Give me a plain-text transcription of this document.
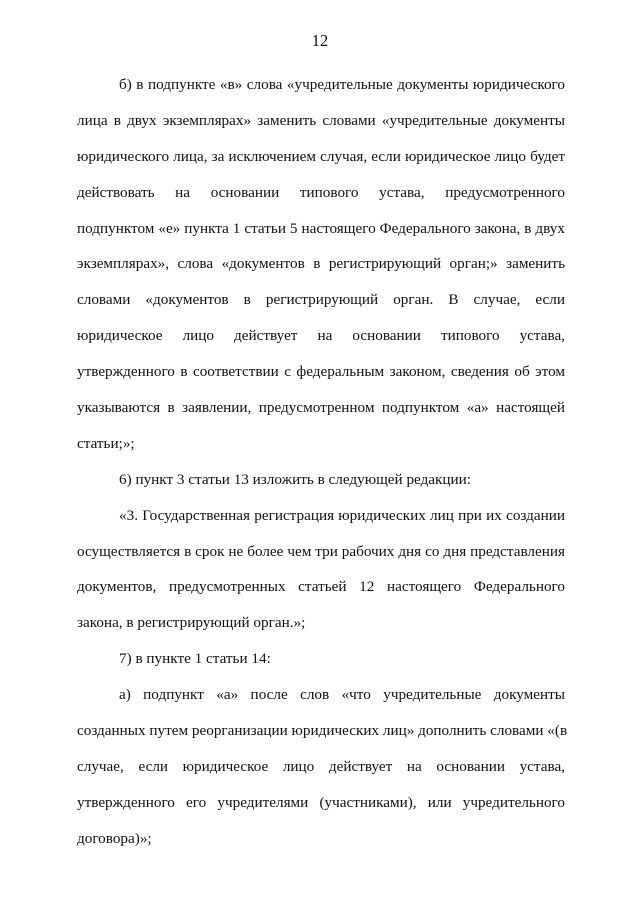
12
б) в подпункте «в» слова «учредительные документы юридического
лица в двух экземплярах» заменить словами «учредительные документы
юридического лица, за исключением случая, если юридическое лицо будет
действовать на основании типового устава, предусмотренного
подпунктом «е» пункта 1 статьи 5 настоящего Федерального закона, в двух
экземплярах», слова «документов в регистрирующий орган;» заменить
словами «документов в регистрирующий орган. В случае, если
юридическое лицо действует на основании типового устава,
утвержденного в соответствии с федеральным законом, сведения об этом
указываются в заявлении, предусмотренном подпунктом «а» настоящей
статьи;»;
6) пункт 3 статьи 13 изложить в следующей редакции:
«3. Государственная регистрация юридических лиц при их создании
осуществляется в срок не более чем три рабочих дня со дня представления
документов, предусмотренных статьей 12 настоящего Федерального
закона, в регистрирующий орган.»;
7) в пункте 1 статьи 14:
а) подпункт «а» после слов «что учредительные документы
созданных путем реорганизации юридических лиц» дополнить словами «(в
случае, если юридическое лицо действует на основании устава,
утвержденного его учредителями (участниками), или учредительного
договора)»;
